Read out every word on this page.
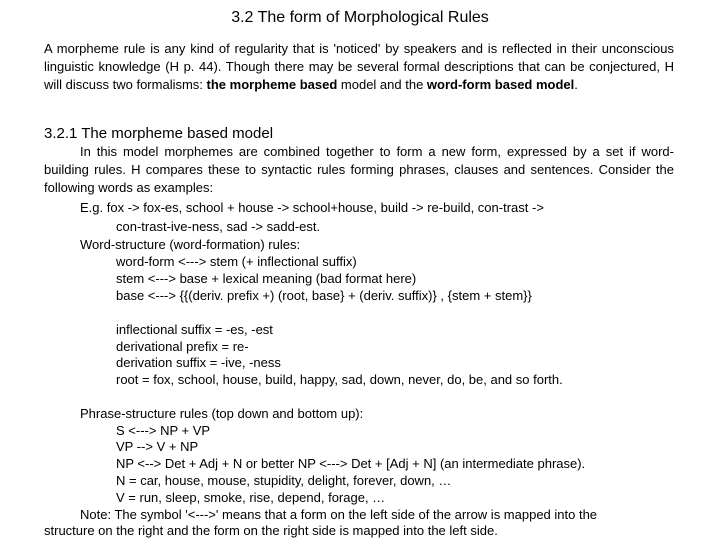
3.2 The form of Morphological Rules

A morpheme rule is any kind of regularity that is 'noticed' by speakers and is reflected in their unconscious linguistic knowledge (H p. 44). Though there may be several formal descriptions that can be conjectured, H will discuss two formalisms: the morpheme based model and the word-form based model.

3.2.1 The morpheme based model

In this model morphemes are combined together to form a new form, expressed by a set if word-building rules. H compares these to syntactic rules forming phrases, clauses and sentences. Consider the following words as examples:

E.g. fox -> fox-es, school + house -> school+house, build -> re-build, con-trast ->
con-trast-ive-ness, sad -> sadd-est.
Word-structure (word-formation) rules:
word-form <---> stem (+ inflectional suffix)
stem <---> base + lexical meaning (bad format here)
base <---> {{(deriv. prefix +) (root, base} + (deriv. suffix)} , {stem + stem}}
inflectional suffix = -es, -est
derivational prefix = re-
derivation suffix = -ive, -ness
root = fox, school, house, build, happy, sad, down, never, do, be, and so forth.
Phrase-structure rules (top down and bottom up):
S <---> NP + VP
VP --> V + NP
NP <--> Det + Adj + N or better NP <---> Det + [Adj + N] (an intermediate phrase).
N = car, house, mouse, stupidity, delight, forever, down, …
V = run, sleep, smoke, rise, depend, forage, …
Note: The symbol '<--->' means that a form on the left side of the arrow is mapped into the
structure on the right and the form on the right side is mapped into the left side.
